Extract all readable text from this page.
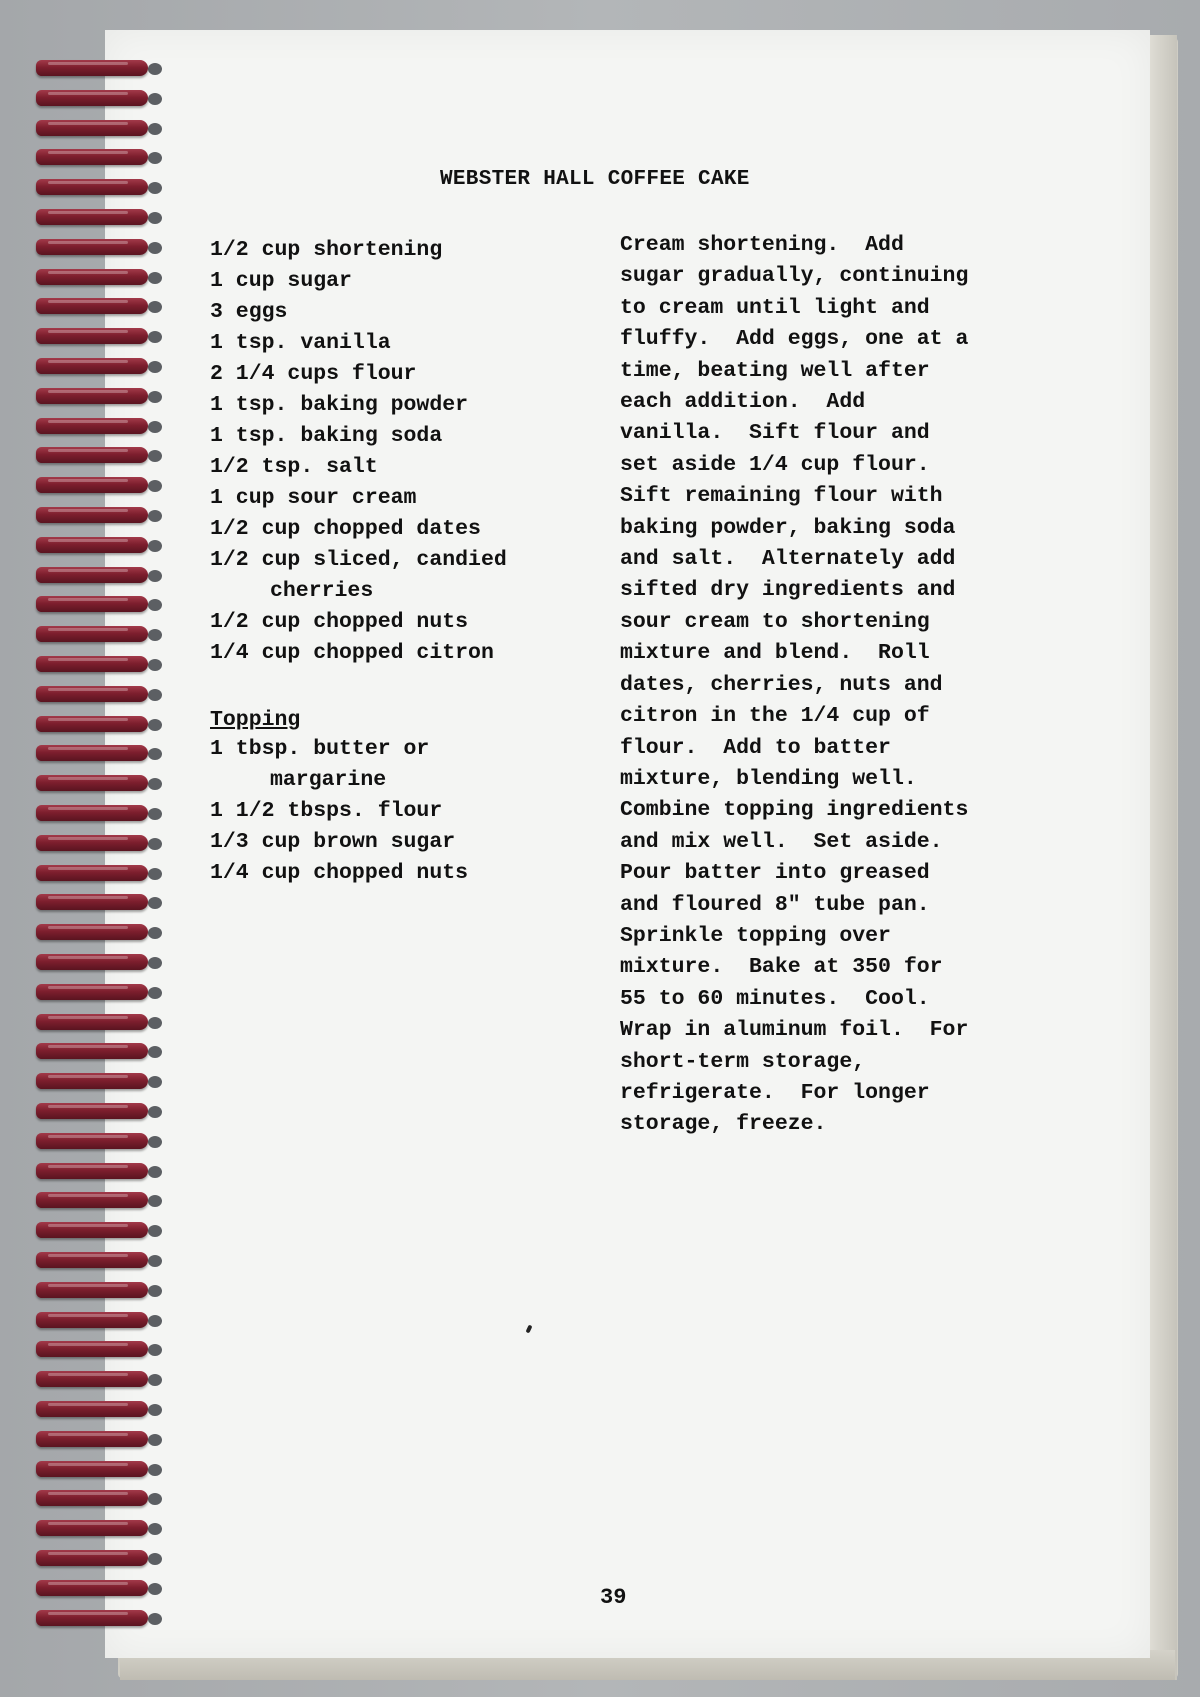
WEBSTER HALL COFFEE CAKE
1/2 cup shortening
1 cup sugar
3 eggs
1 tsp. vanilla
2 1/4 cups flour
1 tsp. baking powder
1 tsp. baking soda
1/2 tsp. salt
1 cup sour cream
1/2 cup chopped dates
1/2 cup sliced, candied
cherries
1/2 cup chopped nuts
1/4 cup chopped citron
Topping
1 tbsp. butter or
margarine
1 1/2 tbsps. flour
1/3 cup brown sugar
1/4 cup chopped nuts
Cream shortening.  Add
sugar gradually, continuing
to cream until light and
fluffy.  Add eggs, one at a
time, beating well after
each addition.  Add
vanilla.  Sift flour and
set aside 1/4 cup flour.
Sift remaining flour with
baking powder, baking soda
and salt.  Alternately add
sifted dry ingredients and
sour cream to shortening
mixture and blend.  Roll
dates, cherries, nuts and
citron in the 1/4 cup of
flour.  Add to batter
mixture, blending well.
Combine topping ingredients
and mix well.  Set aside.
Pour batter into greased
and floured 8" tube pan.
Sprinkle topping over
mixture.  Bake at 350 for
55 to 60 minutes.  Cool.
Wrap in aluminum foil.  For
short-term storage,
refrigerate.  For longer
storage, freeze.
39
